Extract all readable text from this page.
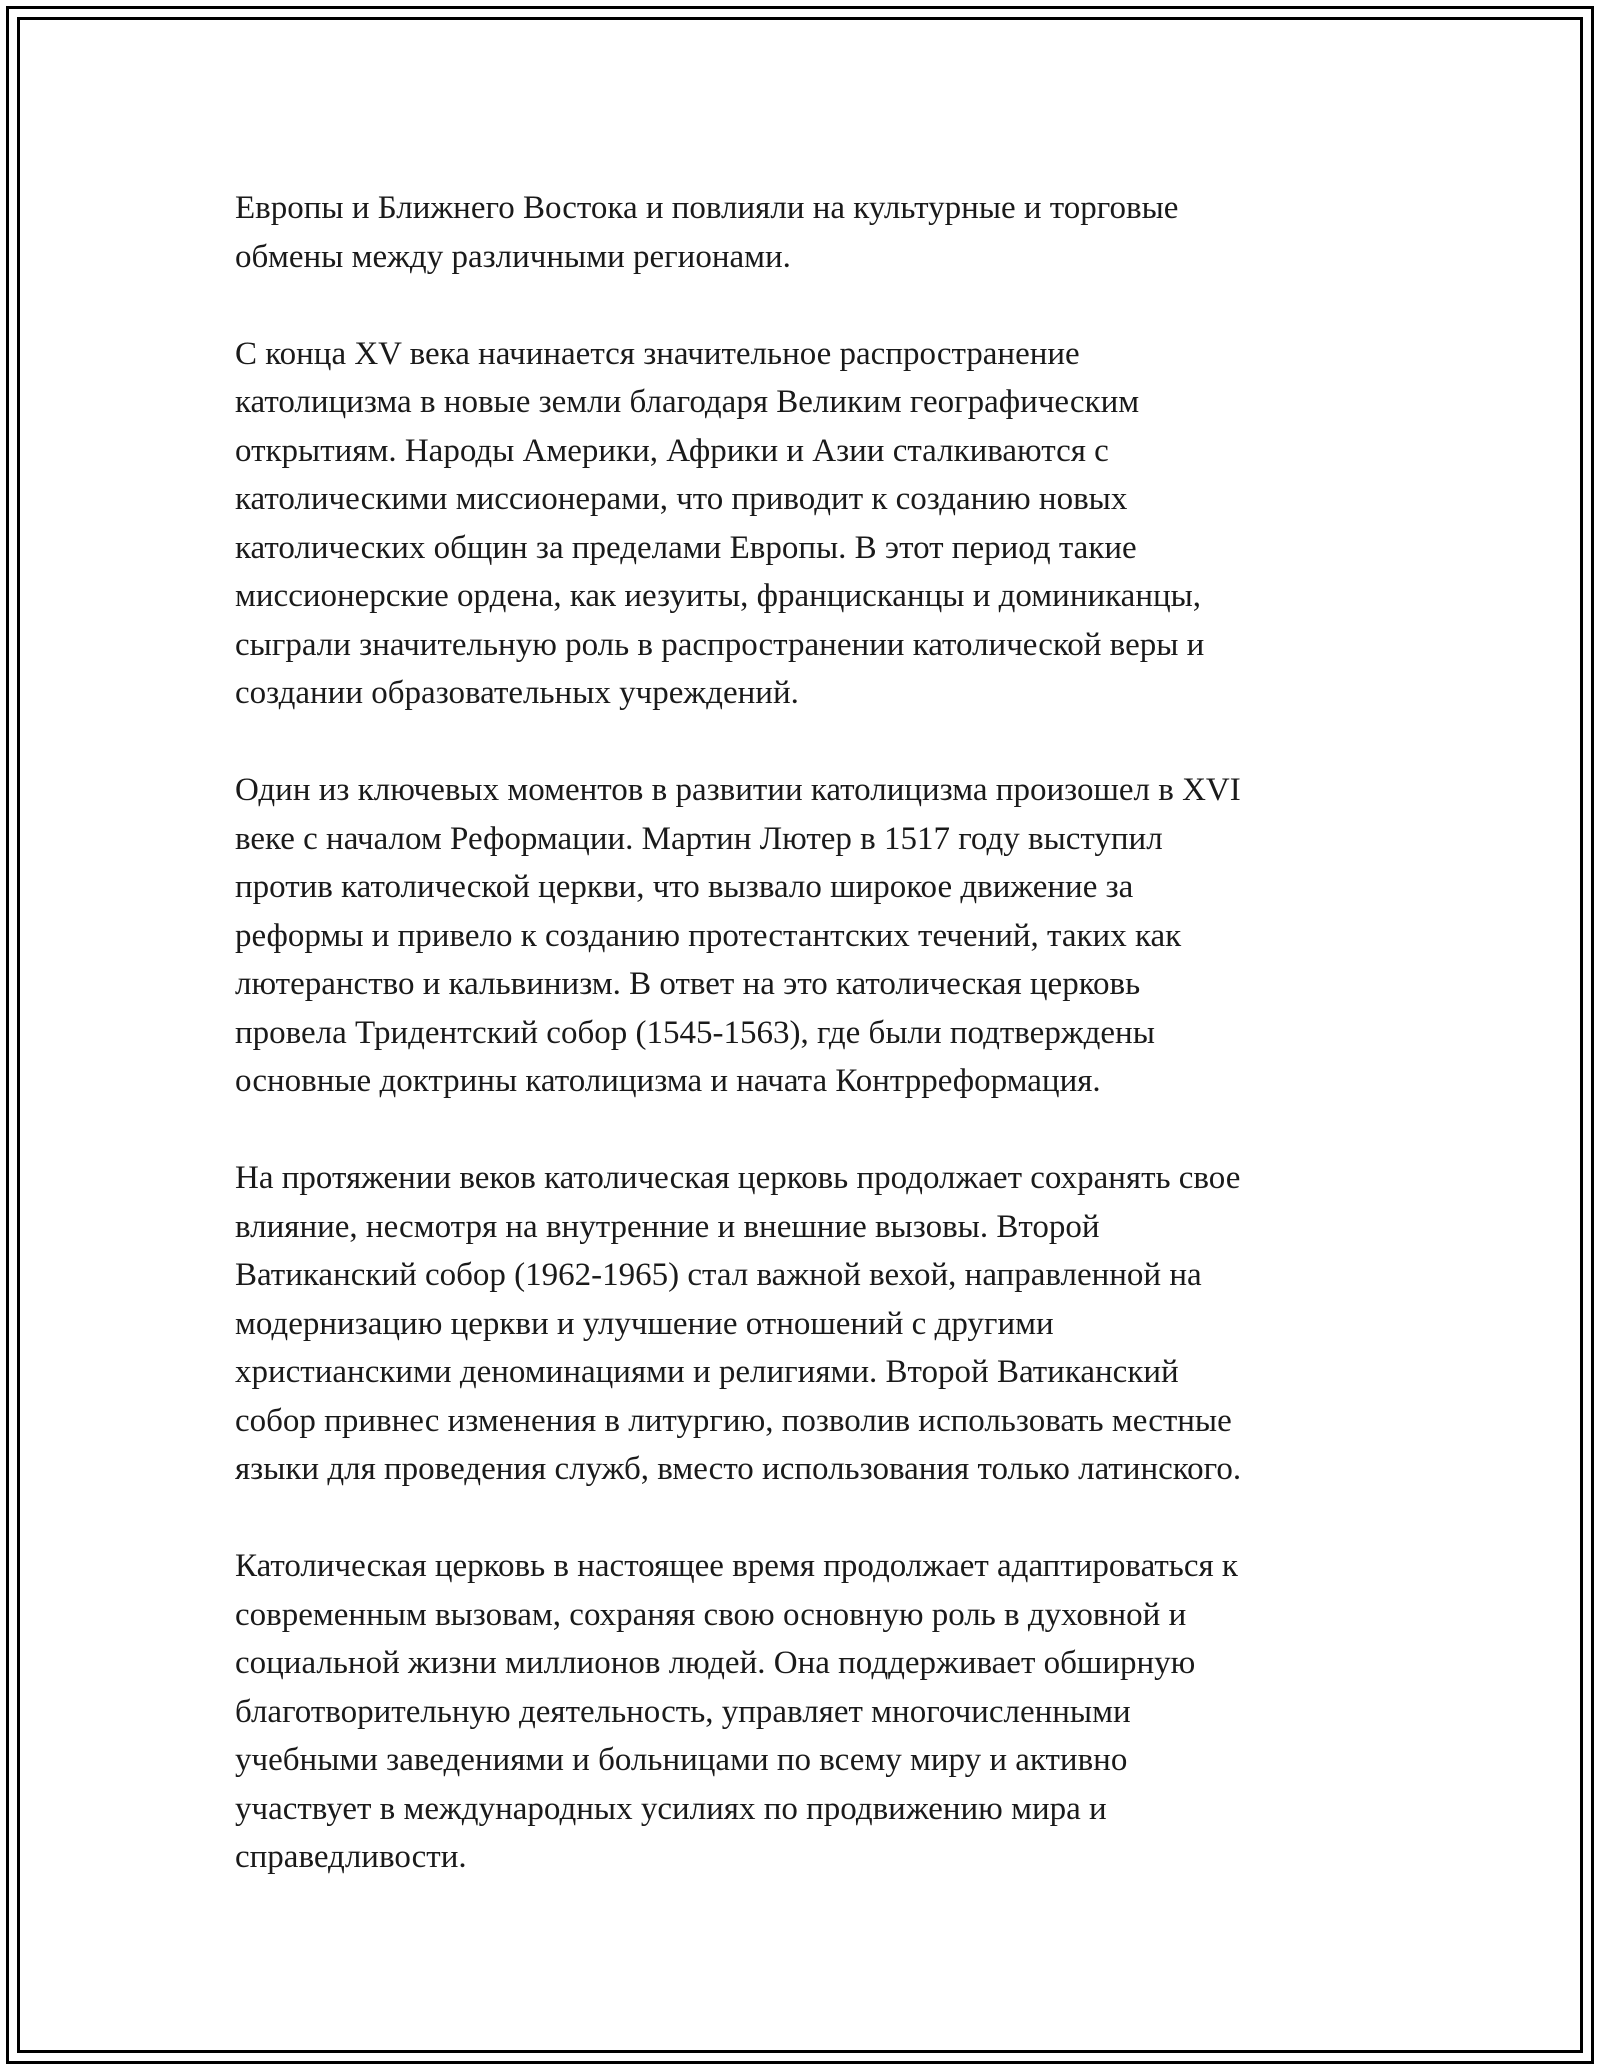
Европы и Ближнего Востока и повлияли на культурные и торговые
обмены между различными регионами.

С конца XV века начинается значительное распространение
католицизма в новые земли благодаря Великим географическим
открытиям. Народы Америки, Африки и Азии сталкиваются с
католическими миссионерами, что приводит к созданию новых
католических общин за пределами Европы. В этот период такие
миссионерские ордена, как иезуиты, францисканцы и доминиканцы,
сыграли значительную роль в распространении католической веры и
создании образовательных учреждений.

Один из ключевых моментов в развитии католицизма произошел в XVI
веке с началом Реформации. Мартин Лютер в 1517 году выступил
против католической церкви, что вызвало широкое движение за
реформы и привело к созданию протестантских течений, таких как
лютеранство и кальвинизм. В ответ на это католическая церковь
провела Тридентский собор (1545-1563), где были подтверждены
основные доктрины католицизма и начата Контрреформация.

На протяжении веков католическая церковь продолжает сохранять свое
влияние, несмотря на внутренние и внешние вызовы. Второй
Ватиканский собор (1962-1965) стал важной вехой, направленной на
модернизацию церкви и улучшение отношений с другими
христианскими деноминациями и религиями. Второй Ватиканский
собор привнес изменения в литургию, позволив использовать местные
языки для проведения служб, вместо использования только латинского.

Католическая церковь в настоящее время продолжает адаптироваться к
современным вызовам, сохраняя свою основную роль в духовной и
социальной жизни миллионов людей. Она поддерживает обширную
благотворительную деятельность, управляет многочисленными
учебными заведениями и больницами по всему миру и активно
участвует в международных усилиях по продвижению мира и
справедливости.
